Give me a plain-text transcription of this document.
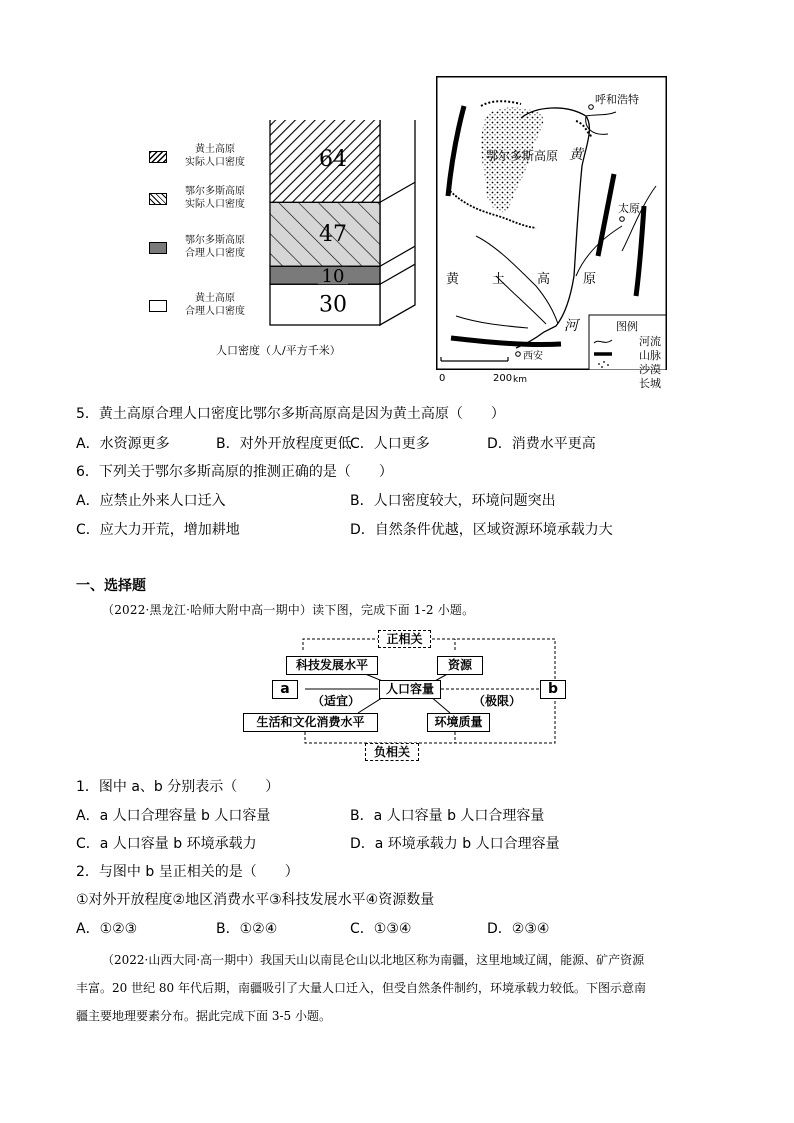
黄土高原
实际人口密度
鄂尔多斯高原
实际人口密度
鄂尔多斯高原
合理人口密度
黄土高原
合理人口密度	30
10
47
64
人口密度（人/平方千米）
呼和浩特
太原
西安
鄂尔多斯高原 黄
河
黄	土 高	原
图例
河流
山脉
沙漠
长城
0	200 km
5．黄土高原合理人口密度比鄂尔多斯高原高是因为黄土高原（　　）
A．水资源更多	B．对外开放程度更低
C．人口更多	D．消费水平更高
6．下列关于鄂尔多斯高原的推测正确的是（　　）
A．应禁止外来人口迁入	B．人口密度较大，环境问题突出
C．应大力开荒，增加耕地	D．自然条件优越，区域资源环境承载力大
一、选择题
（2022·黑龙江·哈师大附中高一期中）读下图，完成下面 1-2 小题。
正相关
科技发展水平	资源
a	人口容量	b
（适宜）	（极限）
生活和文化消费水平	环境质量
负相关
1．图中 a、b 分别表示（　　）
A．a 人口合理容量 b 人口容量	B．a 人口容量 b 人口合理容量
C．a 人口容量 b 环境承载力	D．a 环境承载力 b 人口合理容量
2．与图中 b 呈正相关的是（　　）
①对外开放程度②地区消费水平③科技发展水平④资源数量
A．①②③	B．①②④	C．①③④	D．②③④
（2022·山西大同·高一期中）我国天山以南昆仑山以北地区称为南疆，这里地域辽阔，能源、矿产资源
丰富。20 世纪 80 年代后期，南疆吸引了大量人口迁入，但受自然条件制约，环境承载力较低。下图示意南
疆主要地理要素分布。据此完成下面 3-5 小题。
